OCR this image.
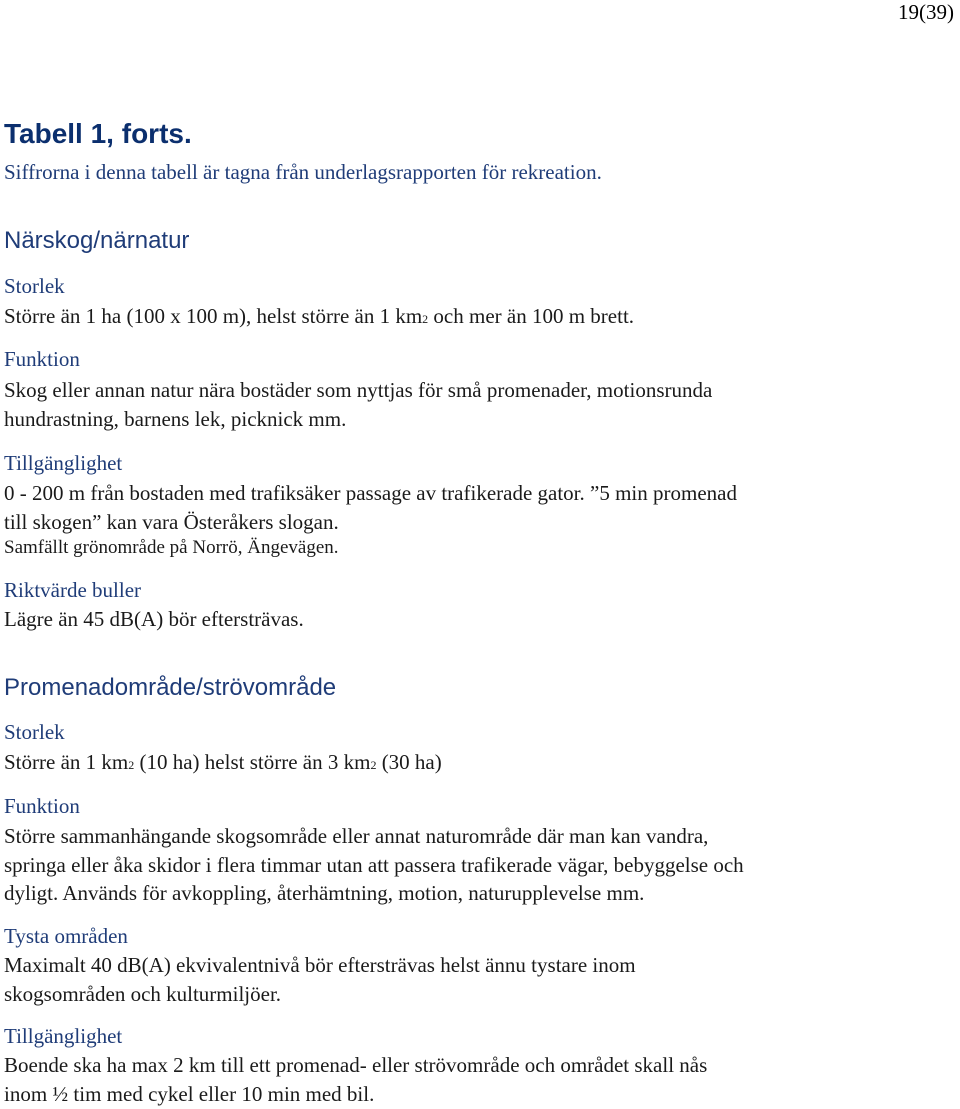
19(39)
Tabell 1, forts.
Siffrorna i denna tabell är tagna från underlagsrapporten för rekreation.
Närskog/närnatur
Storlek
Större än 1 ha (100 x 100 m), helst större än 1 km2 och mer än 100 m brett.
Funktion
Skog eller annan natur nära bostäder som nyttjas för små promenader, motionsrunda
hundrastning, barnens lek, picknick mm.
Tillgänglighet
0 - 200 m från bostaden med trafiksäker passage av trafikerade gator. ”5 min promenad
till skogen” kan vara Österåkers slogan.
Samfällt grönområde på Norrö, Ängevägen.
Riktvärde buller
Lägre än 45 dB(A) bör eftersträvas.
Promenadområde/strövområde
Storlek
Större än 1 km2 (10 ha) helst större än 3 km2 (30 ha)
Funktion
Större sammanhängande skogsområde eller annat naturområde där man kan vandra,
springa eller åka skidor i flera timmar utan att passera trafikerade vägar, bebyggelse och
dyligt. Används för avkoppling, återhämtning, motion, naturupplevelse mm.
Tysta områden
Maximalt 40 dB(A) ekvivalentnivå bör eftersträvas helst ännu tystare inom
skogsområden och kulturmiljöer.
Tillgänglighet
Boende ska ha max 2 km till ett promenad- eller strövområde och området skall nås
inom ½ tim med cykel eller 10 min med bil.
